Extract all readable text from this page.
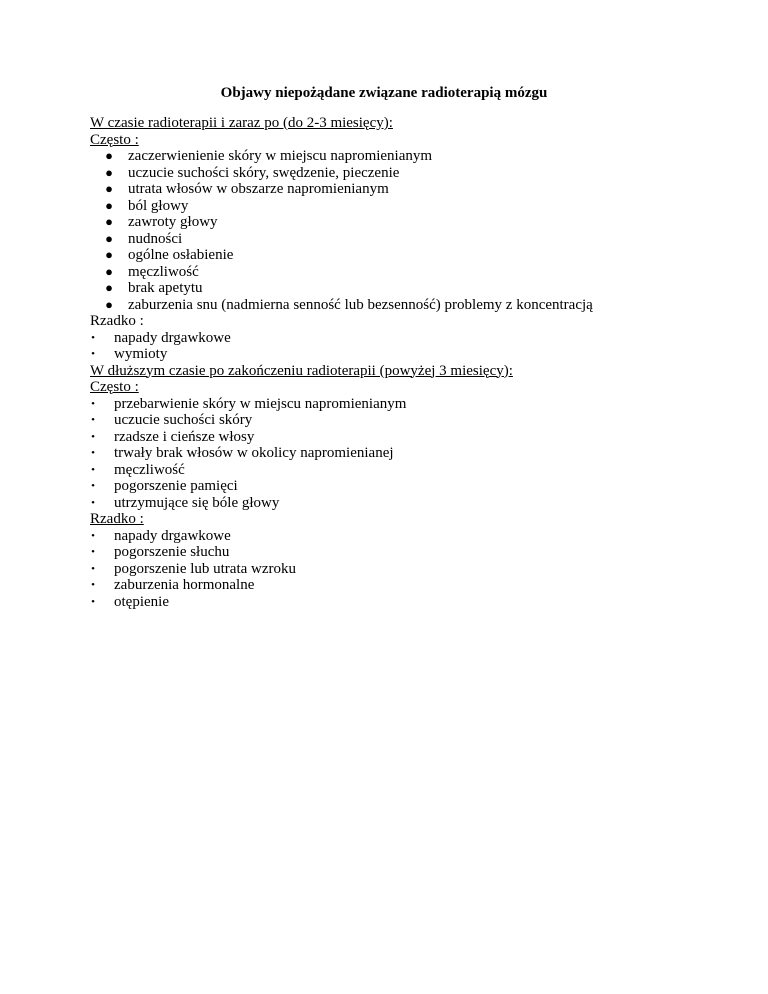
Objawy niepożądane związane radioterapią mózgu
W czasie radioterapii i zaraz po (do 2-3 miesięcy):
Często :
● zaczerwienienie skóry w miejscu napromienianym
● uczucie suchości skóry, swędzenie, pieczenie
● utrata włosów w obszarze napromienianym
● ból głowy
● zawroty głowy
● nudności
● ogólne osłabienie
● męczliwość
● brak apetytu
● zaburzenia snu (nadmierna senność lub bezsenność) problemy z koncentracją
Rzadko :
• napady drgawkowe
• wymioty
W dłuższym czasie po zakończeniu radioterapii (powyżej 3 miesięcy):
Często :
• przebarwienie skóry w miejscu napromienianym
• uczucie suchości skóry
• rzadsze i cieńsze włosy
• trwały brak włosów w okolicy napromienianej
• męczliwość
• pogorszenie pamięci
• utrzymujące się bóle głowy
Rzadko :
• napady drgawkowe
• pogorszenie słuchu
• pogorszenie lub utrata wzroku
• zaburzenia hormonalne
• otępienie
